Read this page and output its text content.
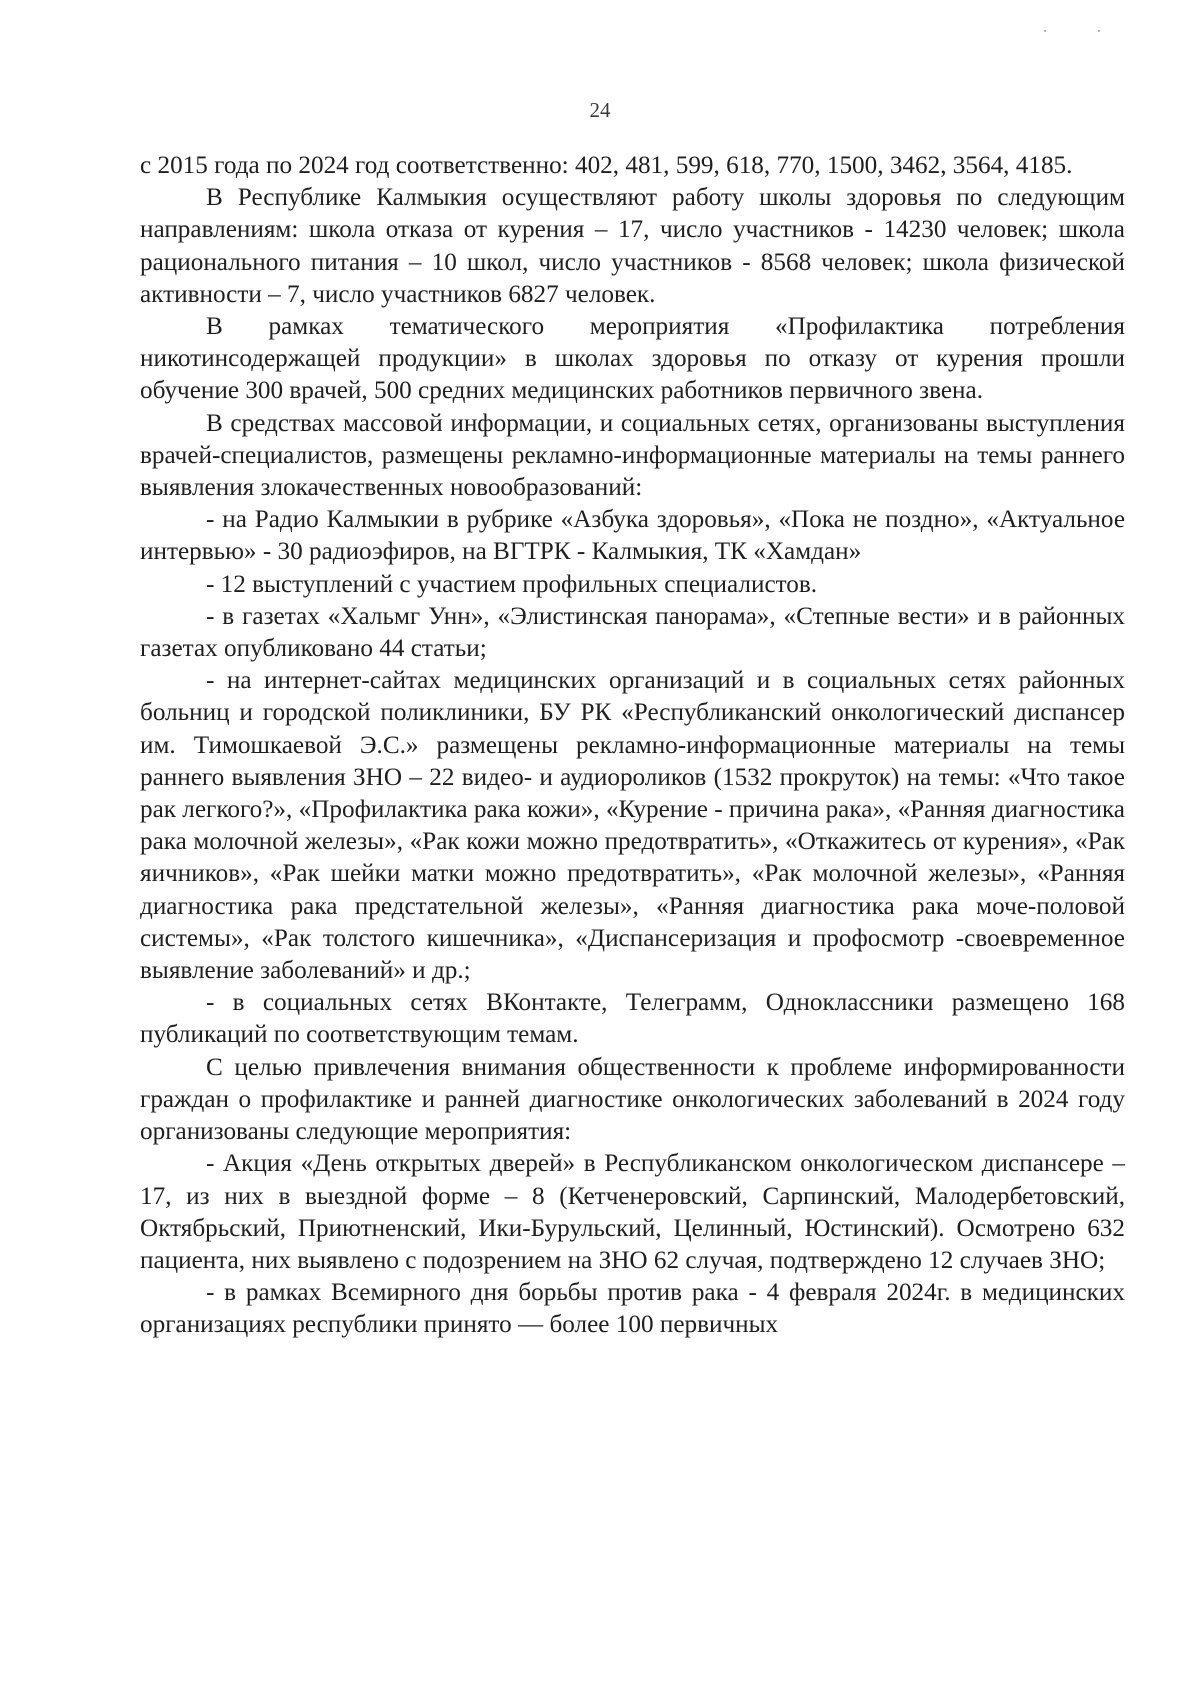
24

с 2015 года по 2024 год соответственно: 402, 481, 599, 618, 770, 1500, 3462, 3564, 4185.

В Республике Калмыкия осуществляют работу школы здоровья по следующим направлениям: школа отказа от курения – 17, число участников - 14230 человек; школа рационального питания – 10 школ, число участников - 8568 человек; школа физической активности – 7, число участников 6827 человек.

В рамках тематического мероприятия «Профилактика потребления никотинсодержащей продукции» в школах здоровья по отказу от курения прошли обучение 300 врачей, 500 средних медицинских работников первичного звена.

В средствах массовой информации, и социальных сетях, организованы выступления врачей-специалистов, размещены рекламно-информационные материалы на темы раннего выявления злокачественных новообразований:

- на Радио Калмыкии в рубрике «Азбука здоровья», «Пока не поздно», «Актуальное интервью» - 30 радиоэфиров, на ВГТРК - Калмыкия, ТК «Хамдан»

- 12 выступлений с участием профильных специалистов.

- в газетах «Хальмг Унн», «Элистинская панорама», «Степные вести» и в районных газетах опубликовано 44 статьи;

- на интернет-сайтах медицинских организаций и в социальных сетях районных больниц и городской поликлиники, БУ РК «Республиканский онкологический диспансер им. Тимошкаевой Э.С.» размещены рекламно-информационные материалы на темы раннего выявления ЗНО – 22 видео- и аудиороликов (1532 прокруток) на темы: «Что такое рак легкого?», «Профилактика рака кожи», «Курение - причина рака», «Ранняя диагностика рака молочной железы», «Рак кожи можно предотвратить», «Откажитесь от курения», «Рак яичников», «Рак шейки матки можно предотвратить», «Рак молочной железы», «Ранняя диагностика рака предстательной железы», «Ранняя диагностика рака моче-половой системы», «Рак толстого кишечника», «Диспансеризация и профосмотр -своевременное выявление заболеваний» и др.;

- в социальных сетях ВКонтакте, Телеграмм, Одноклассники размещено 168 публикаций по соответствующим темам.

С целью привлечения внимания общественности к проблеме информированности граждан о профилактике и ранней диагностике онкологических заболеваний в 2024 году организованы следующие мероприятия:

- Акция «День открытых дверей» в Республиканском онкологическом диспансере – 17, из них в выездной форме – 8 (Кетченеровский, Сарпинский, Малодербетовский, Октябрьский, Приютненский, Ики-Бурульский, Целинный, Юстинский). Осмотрено 632 пациента, них выявлено с подозрением на ЗНО 62 случая, подтверждено 12 случаев ЗНО;

- в рамках Всемирного дня борьбы против рака - 4 февраля 2024г. в медицинских организациях республики принято — более 100 первичных
